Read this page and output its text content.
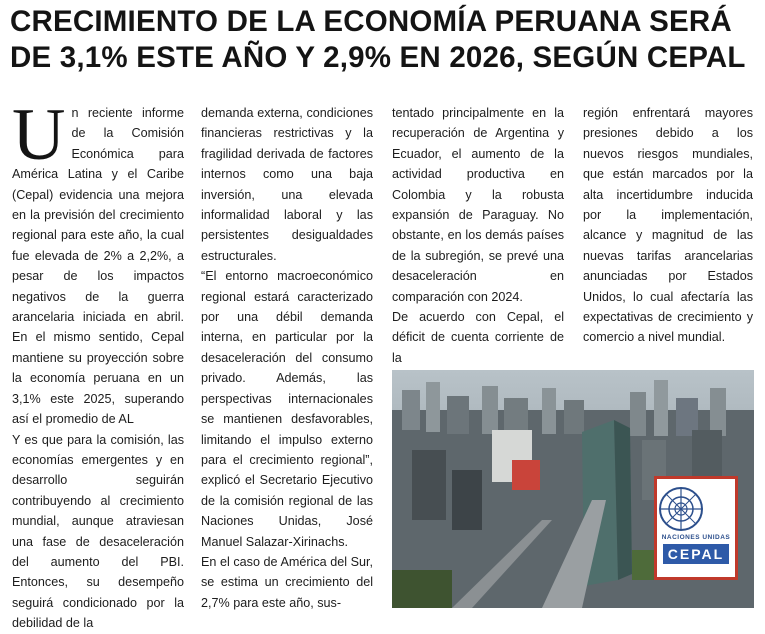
CRECIMIENTO DE LA ECONOMÍA PERUANA SERÁ
DE 3,1% ESTE AÑO Y 2,9% EN 2026, SEGÚN CEPAL

Un reciente informe de la Comisión Económica para América Latina y el Caribe (Cepal) evidencia una mejora en la previsión del crecimiento regional para este año, la cual fue elevada de 2% a 2,2%, a pesar de los impactos negativos de la guerra arancelaria iniciada en abril. En el mismo sentido, Cepal mantiene su proyección sobre la economía peruana en un 3,1% este 2025, superando así el promedio de AL

Y es que para la comisión, las economías emergentes y en desarrollo seguirán contribuyendo al crecimiento mundial, aunque atraviesan una fase de desaceleración del aumento del PBI. Entonces, su desempeño seguirá condicionado por la debilidad de la

demanda externa, condiciones financieras restrictivas y la fragilidad derivada de factores internos como una baja inversión, una elevada informalidad laboral y las persistentes desigualdades estructurales.

“El entorno macroeconómico regional estará caracterizado por una débil demanda interna, en particular por la desaceleración del consumo privado. Además, las perspectivas internacionales se mantienen desfavorables, limitando el impulso externo para el crecimiento regional”, explicó el Secretario Ejecutivo de la comisión regional de las Naciones Unidas, José Manuel Salazar-Xirinachs.

En el caso de América del Sur, se estima un crecimiento del 2,7% para este año, sus-

tentado principalmente en la recuperación de Argentina y Ecuador, el aumento de la actividad productiva en Colombia y la robusta expansión de Paraguay. No obstante, en los demás países de la subregión, se prevé una desaceleración en comparación con 2024.

De acuerdo con Cepal, el déficit de cuenta corriente de la

región enfrentará mayores presiones debido a los nuevos riesgos mundiales, que están marcados por la alta incertidumbre inducida por la implementación, alcance y magnitud de las nuevas tarifas arancelarias anunciadas por Estados Unidos, lo cual afectaría las expectativas de crecimiento y comercio a nivel mundial.

NACIONES UNIDAS
CEPAL
